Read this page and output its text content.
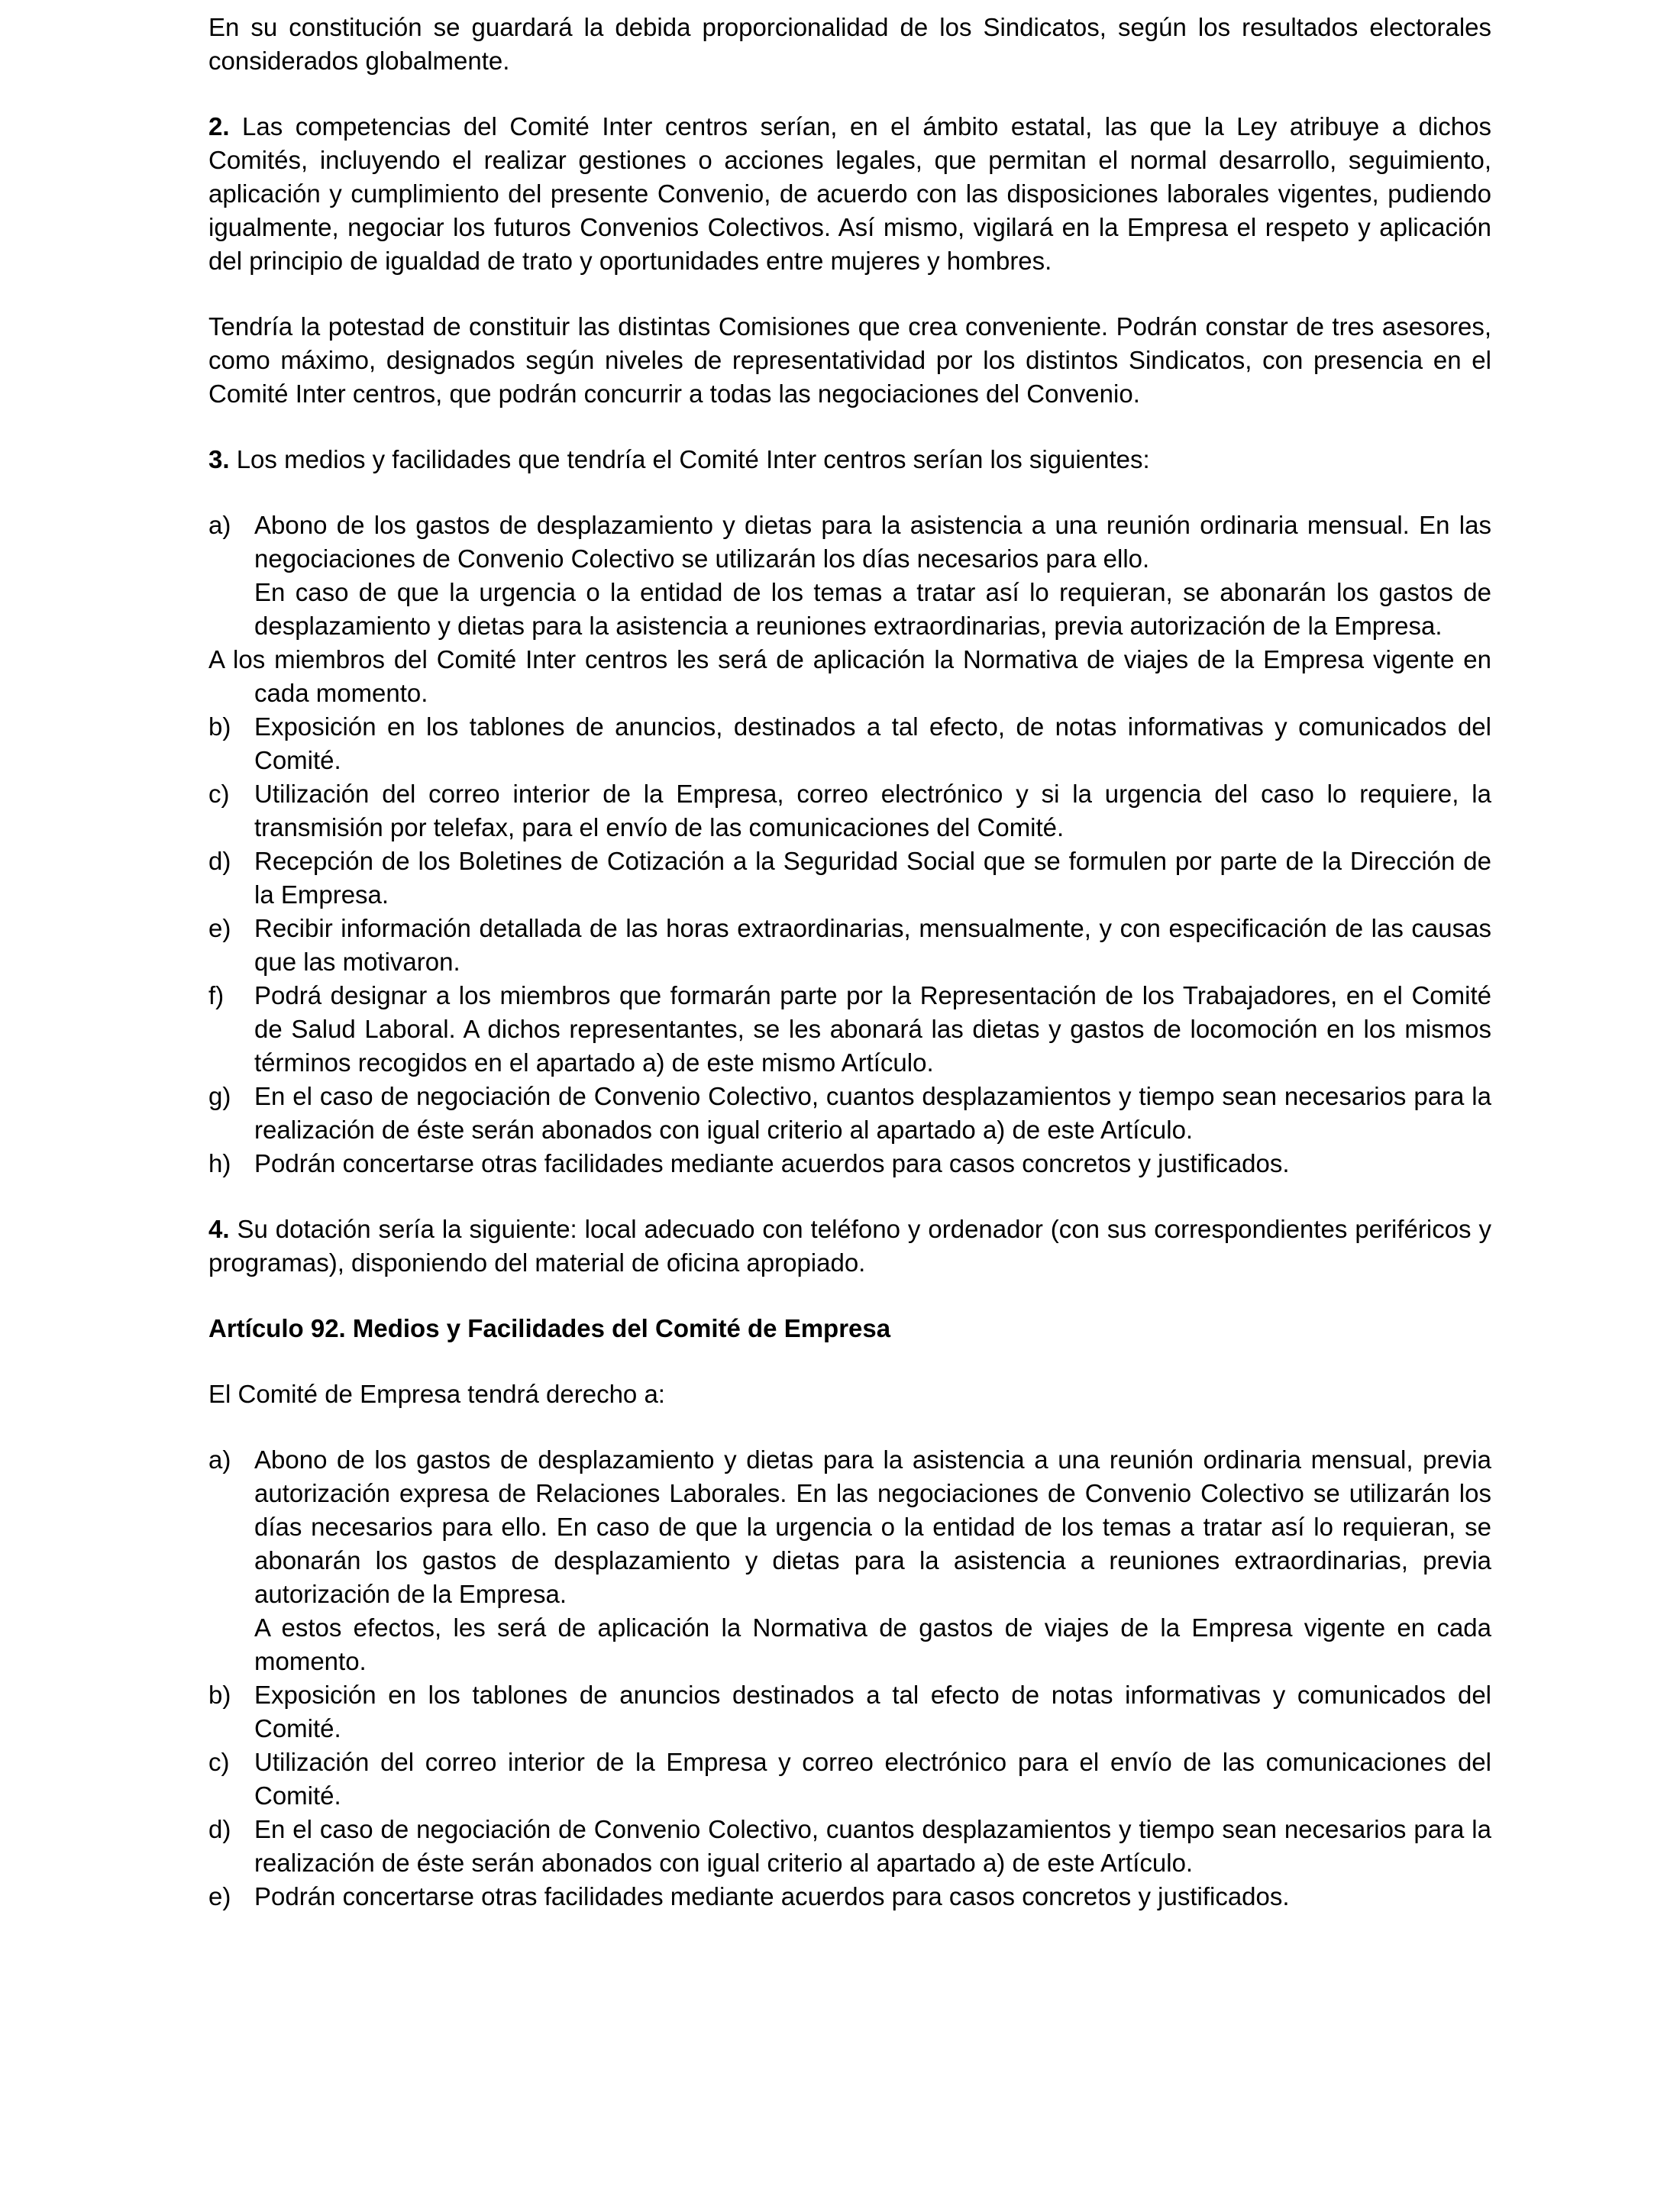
En su constitución se guardará la debida proporcionalidad de los Sindicatos, según los resultados electorales considerados globalmente.
2. Las competencias del Comité Inter centros serían, en el ámbito estatal, las que la Ley atribuye a dichos Comités, incluyendo el realizar gestiones o acciones legales, que permitan el normal desarrollo, seguimiento, aplicación y cumplimiento del presente Convenio, de acuerdo con las disposiciones laborales vigentes, pudiendo igualmente, negociar los futuros Convenios Colectivos. Así mismo, vigilará en la Empresa el respeto y aplicación del principio de igualdad de trato y oportunidades entre mujeres y hombres.
Tendría la potestad de constituir las distintas Comisiones que crea conveniente. Podrán constar de tres asesores, como máximo, designados según niveles de representatividad por los distintos Sindicatos, con presencia en el Comité Inter centros, que podrán concurrir a todas las negociaciones del Convenio.
3. Los medios y facilidades que tendría el Comité Inter centros serían los siguientes:
a) Abono de los gastos de desplazamiento y dietas para la asistencia a una reunión ordinaria mensual. En las negociaciones de Convenio Colectivo se utilizarán los días necesarios para ello.
En caso de que la urgencia o la entidad de los temas a tratar así lo requieran, se abonarán los gastos de desplazamiento y dietas para la asistencia a reuniones extraordinarias, previa autorización de la Empresa.
A los miembros del Comité Inter centros les será de aplicación la Normativa de viajes de la Empresa vigente en cada momento.
b) Exposición en los tablones de anuncios, destinados a tal efecto, de notas informativas y comunicados del Comité.
c) Utilización del correo interior de la Empresa, correo electrónico y si la urgencia del caso lo requiere, la transmisión por telefax, para el envío de las comunicaciones del Comité.
d) Recepción de los Boletines de Cotización a la Seguridad Social que se formulen por parte de la Dirección de la Empresa.
e) Recibir información detallada de las horas extraordinarias, mensualmente, y con especificación de las causas que las motivaron.
f) Podrá designar a los miembros que formarán parte por la Representación de los Trabajadores, en el Comité de Salud Laboral. A dichos representantes, se les abonará las dietas y gastos de locomoción en los mismos términos recogidos en el apartado a) de este mismo Artículo.
g) En el caso de negociación de Convenio Colectivo, cuantos desplazamientos y tiempo sean necesarios para la realización de éste serán abonados con igual criterio al apartado a) de este Artículo.
h) Podrán concertarse otras facilidades mediante acuerdos para casos concretos y justificados.
4. Su dotación sería la siguiente: local adecuado con teléfono y ordenador (con sus correspondientes periféricos y programas), disponiendo del material de oficina apropiado.
Artículo 92. Medios y Facilidades del Comité de Empresa
El Comité de Empresa tendrá derecho a:
a) Abono de los gastos de desplazamiento y dietas para la asistencia a una reunión ordinaria mensual, previa autorización expresa de Relaciones Laborales. En las negociaciones de Convenio Colectivo se utilizarán los días necesarios para ello. En caso de que la urgencia o la entidad de los temas a tratar así lo requieran, se abonarán los gastos de desplazamiento y dietas para la asistencia a reuniones extraordinarias, previa autorización de la Empresa.
A estos efectos, les será de aplicación la Normativa de gastos de viajes de la Empresa vigente en cada momento.
b) Exposición en los tablones de anuncios destinados a tal efecto de notas informativas y comunicados del Comité.
c) Utilización del correo interior de la Empresa y correo electrónico para el envío de las comunicaciones del Comité.
d) En el caso de negociación de Convenio Colectivo, cuantos desplazamientos y tiempo sean necesarios para la realización de éste serán abonados con igual criterio al apartado a) de este Artículo.
e) Podrán concertarse otras facilidades mediante acuerdos para casos concretos y justificados.
